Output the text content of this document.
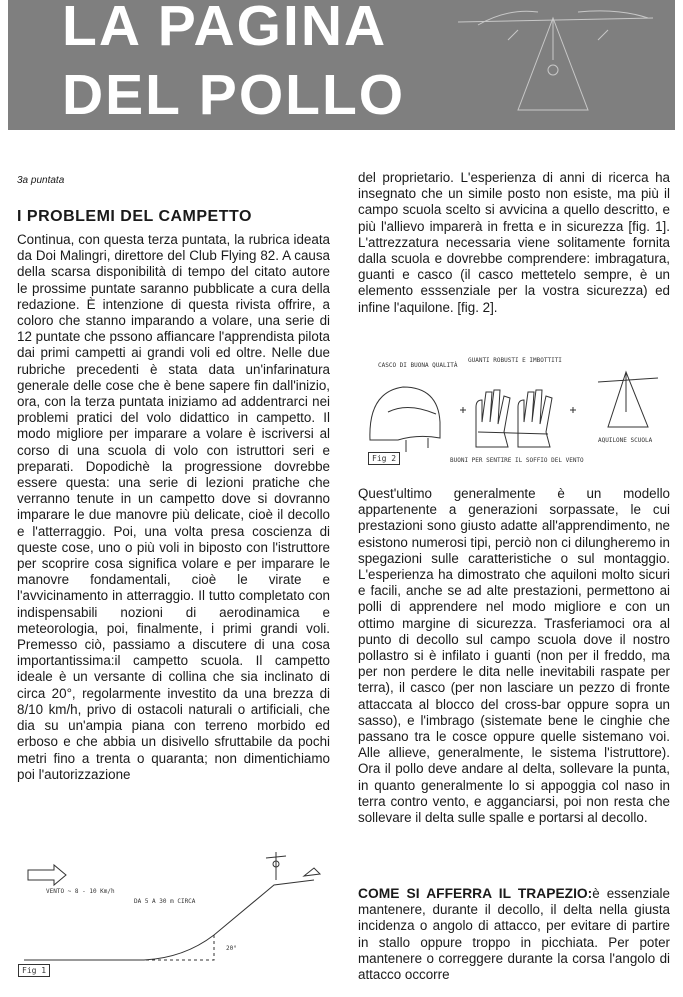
LA PAGINA
DEL POLLO
3a puntata
I PROBLEMI DEL CAMPETTO

Continua, con questa terza puntata, la rubrica ideata da Doi Malingri, direttore del Club Flying 82. A causa della scarsa disponibilità di tempo del citato autore le prossime puntate saranno pubblicate a cura della redazione. È intenzione di questa rivista offrire, a coloro che stanno imparando a volare, una serie di 12 puntate che pssono affiancare l'apprendista pilota dai primi campetti ai grandi voli ed oltre. Nelle due rubriche precedenti è stata data un'infarinatura generale delle cose che è bene sapere fin dall'inizio, ora, con la terza puntata iniziamo ad addentrarci nei problemi pratici del volo didattico in campetto. Il modo migliore per imparare a volare è iscriversi al corso di una scuola di volo con istruttori seri e preparati. Dopodichè la progressione dovrebbe essere questa: una serie di lezioni pratiche che verranno tenute in un campetto dove si dovranno imparare le due manovre più delicate, cioè il decollo e l'atterraggio. Poi, una volta presa coscienza di queste cose, uno o più voli in biposto con l'istruttore per scoprire cosa significa volare e per imparare le manovre fondamentali, cioè le virate e l'avvicinamento in atterraggio. Il tutto completato con indispensabili nozioni di aerodinamica e meteorologia, poi, finalmente, i primi grandi voli. Premesso ciò, passiamo a discutere di una cosa importantissima:il campetto scuola. Il campetto ideale è un versante di collina che sia inclinato di circa 20°, regolarmente investito da una brezza di 8/10 km/h, privo di ostacoli naturali o artificiali, che dia su un'ampia piana con terreno morbido ed erboso e che abbia un disivello sfruttabile da pochi metri fino a trenta o quaranta; non dimentichiamo poi l'autorizzazione

VENTO ~ 8 - 10 Km/h
DA 5 A 30 m CIRCA
20°
Fig 1

del proprietario. L'esperienza di anni di ricerca ha insegnato che un simile posto non esiste, ma più il campo scuola scelto si avvicina a quello descritto, e più l'allievo imparerà in fretta e in sicurezza [fig. 1]. L'attrezzatura necessaria viene solitamente fornita dalla scuola e dovrebbe comprendere: imbragatura, guanti e casco (il casco mettetelo sempre, è un elemento esssenziale per la vostra sicurezza) ed infine l'aquilone. [fig. 2].

CASCO DI BUONA QUALITÀ
GUANTI ROBUSTI E IMBOTTITI
BUONI PER SENTIRE IL SOFFIO DEL VENTO
AQUILONE SCUOLA
Fig 2

Quest'ultimo generalmente è un modello appartenente a generazioni sorpassate, le cui prestazioni sono giusto adatte all'apprendimento, ne esistono numerosi tipi, perciò non ci dilungheremo in spegazioni sulle caratteristiche o sul montaggio. L'esperienza ha dimostrato che aquiloni molto sicuri e facili, anche se ad alte prestazioni, permettono ai polli di apprendere nel modo migliore e con un ottimo margine di sicurezza. Trasferiamoci ora al punto di decollo sul campo scuola dove il nostro pollastro si è infilato i guanti (non per il freddo, ma per non perdere le dita nelle inevitabili raspate per terra), il casco (per non lasciare un pezzo di fronte attaccata al blocco del cross-bar oppure sopra un sasso), e l'imbrago (sistemate bene le cinghie che passano tra le cosce oppure quelle sistemano voi. Alle allieve, generalmente, le sistema l'istruttore). Ora il pollo deve andare al delta, sollevare la punta, in quanto generalmente lo si appoggia col naso in terra contro vento, e agganciarsi, poi non resta che sollevare il delta sulle spalle e portarsi al decollo.

COME SI AFFERRA IL TRAPEZIO:è essenziale mantenere, durante il decollo, il delta nella giusta incidenza o angolo di attacco, per evitare di partire in stallo oppure troppo in picchiata. Per poter mantenere o correggere durante la corsa l'angolo di attacco occorre
